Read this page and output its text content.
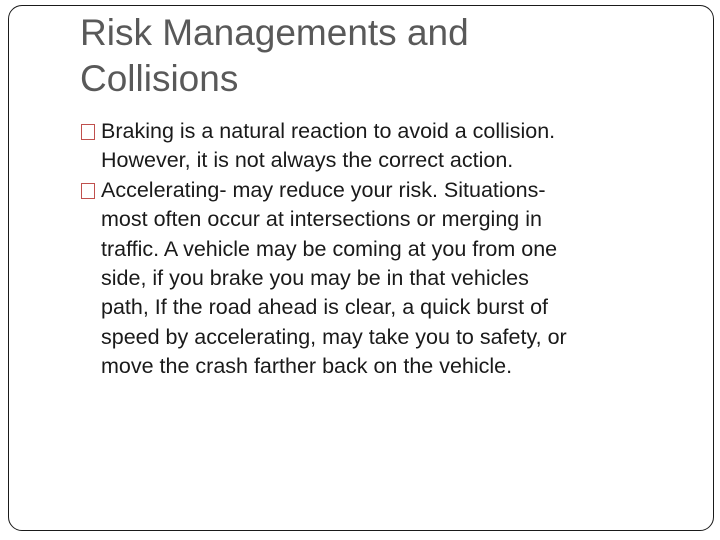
Risk Managements and
Collisions
Braking is a natural reaction to avoid a collision.
However, it is not always the correct action.
Accelerating- may reduce your risk. Situations-
most often occur at intersections or merging in
traffic. A vehicle may be coming at you from one
side, if you brake you may be in that vehicles
path, If the road ahead is clear, a quick burst of
speed by accelerating, may take you to safety, or
move the crash farther back on the vehicle.
